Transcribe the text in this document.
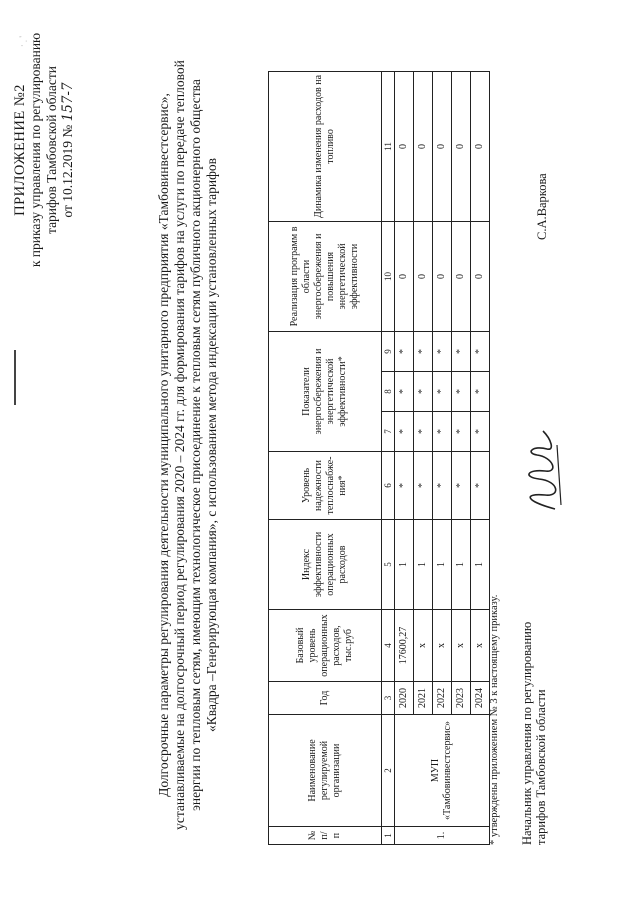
· ˌ '
ПРИЛОЖЕНИЕ №2 к приказу управления по регулированию тарифов Тамбовской области от 10.12.2019 № 157-7	Долгосрочные параметры регулирования деятельности муниципального унитарного предприятия «Тамбовинвестсервис», устанавливаемые на долгосрочный период регулирования 2020 – 2024 гг. для формирования тарифов на услуги по передаче тепловой энергии по тепловым сетям, имеющим технологическое присоединение к тепловым сетям публичного акционерного общества «Квадра –Генерирующая компания», с использованием метода индексации установленных тарифов
№ п/п	Наименование регулируемой организации	Год	Базовый уровень операционных расходов, тыс.руб	Индекс эффективности операционных расходов	Уровень надежности теплоснабже-ния*	Показатели энергосбережения и энергетической эффективности*			Реализация программ в области энергосбережения и повышения энергетической эффективности	Динамика изменения расходов на топливо
1	2	3	4	5	6	7	8	9	10	11
1.	МУП «Тамбовинвестсервис»	2020	17600,27	1	*	*	*	*	0	0
		2021	x	1	*	*	*	*	0	0
		2022	x	1	*	*	*	*	0	0
		2023	x	1	*	*	*	*	0	0
		2024	x	1	*	*	*	*	0	0
* утверждены приложением № 3 к настоящему приказу. Начальник управления по регулированию тарифов Тамбовской области
С.А.Варкова
